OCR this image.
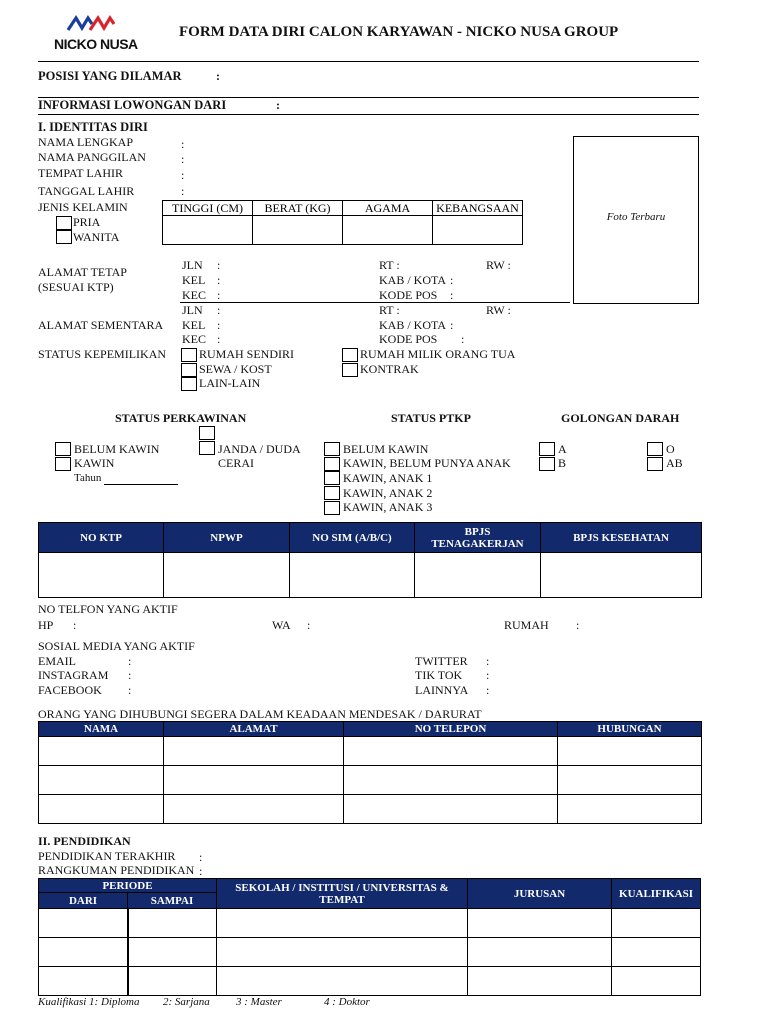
NICKO NUSA
FORM DATA DIRI CALON KARYAWAN - NICKO NUSA GROUP
POSISI YANG DILAMAR	:
INFORMASI LOWONGAN DARI	:
I. IDENTITAS DIRI
NAMA LENGKAP	:
NAMA PANGGILAN	:
TEMPAT LAHIR	:
TANGGAL LAHIR	:
JENIS KELAMIN
PRIA
WANITA
Foto Terbaru
TINGGI (CM)	BERAT (KG)	AGAMA	KEBANGSAAN

ALAMAT TETAP
(SESUAI KTP)
JLN :
KEL :
KEC :
RT :	RW :
KAB / KOTA :
KODE POS :
ALAMAT SEMENTARA
JLN :
KEL :
KEC :
RT :	RW :
KAB / KOTA :
KODE POS :
STATUS KEPEMILIKAN	RUMAH SENDIRI
SEWA / KOST
LAIN-LAIN
RUMAH MILIK ORANG TUA
KONTRAK
STATUS PERKAWINAN	STATUS PTKP	GOLONGAN DARAH
BELUM KAWIN
KAWIN
Tahun
JANDA / DUDA
CERAI
BELUM KAWIN
KAWIN, BELUM PUNYA ANAK
KAWIN, ANAK 1
KAWIN, ANAK 2
KAWIN, ANAK 3
A
B
O
AB
NO KTP	NPWP	NO SIM (A/B/C)	BPJS TENAGAKERJAN	BPJS KESEHATAN

NO TELFON YANG AKTIF
HP :	WA :	RUMAH :
SOSIAL MEDIA YANG AKTIF
EMAIL	:
INSTAGRAM :
FACEBOOK :
TWITTER :
TIK TOK :
LAINNYA :
ORANG YANG DIHUBUNGI SEGERA DALAM KEADAAN MENDESAK / DARURAT
NAMA	ALAMAT	NO TELEPON	HUBUNGAN

II. PENDIDIKAN
PENDIDIKAN TERAKHIR :
RANGKUMAN PENDIDIKAN :
PERIODE		SEKOLAH / INSTITUSI / UNIVERSITAS & TEMPAT	JURUSAN	KUALIFIKASI
DARI	SAMPAI			

Kualifikasi 1: Diploma 2: Sarjana 3 : Master	4 : Doktor
